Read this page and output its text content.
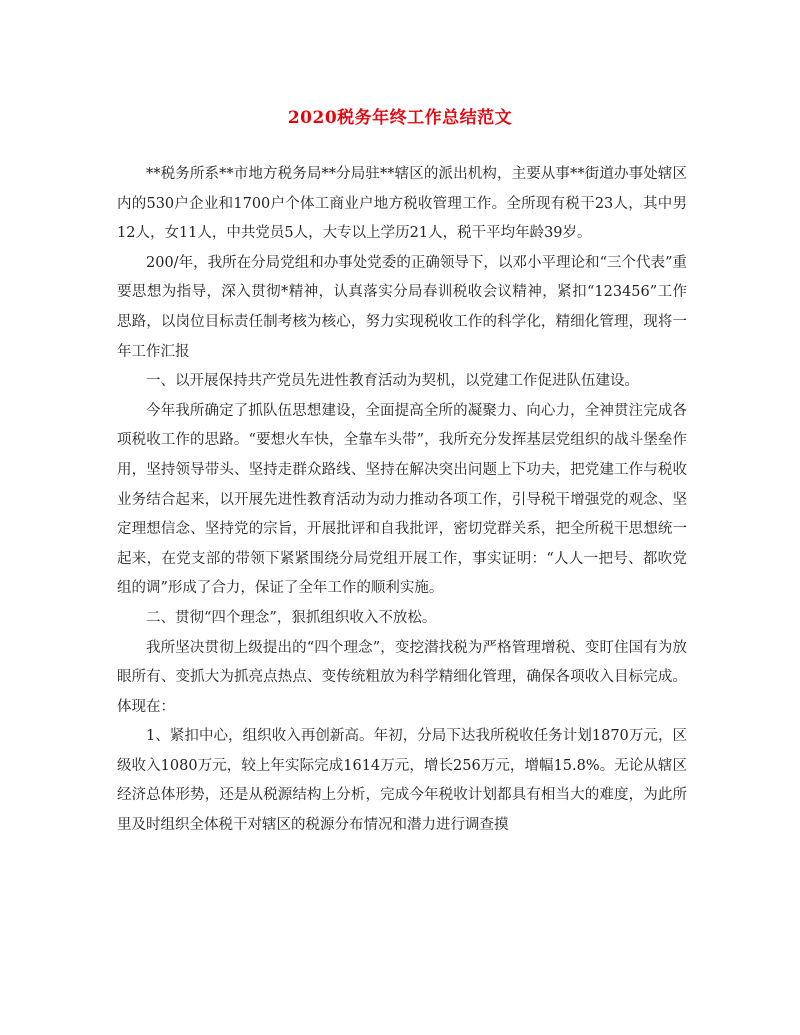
2020税务年终工作总结范文

**税务所系**市地方税务局**分局驻**辖区的派出机构，主要从事**街道办事处辖区内的530户企业和1700户个体工商业户地方税收管理工作。全所现有税干23人，其中男12人，女11人，中共党员5人，大专以上学历21人，税干平均年龄39岁。

200/年，我所在分局党组和办事处党委的正确领导下，以邓小平理论和“三个代表”重要思想为指导，深入贯彻*精神，认真落实分局春训税收会议精神，紧扣“123456”工作思路，以岗位目标责任制考核为核心，努力实现税收工作的科学化，精细化管理，现将一年工作汇报

一、以开展保持共产党员先进性教育活动为契机，以党建工作促进队伍建设。

今年我所确定了抓队伍思想建设，全面提高全所的凝聚力、向心力，全神贯注完成各项税收工作的思路。“要想火车快，全靠车头带”，我所充分发挥基层党组织的战斗堡垒作用，坚持领导带头、坚持走群众路线、坚持在解决突出问题上下功夫，把党建工作与税收业务结合起来，以开展先进性教育活动为动力推动各项工作，引导税干增强党的观念、坚定理想信念、坚持党的宗旨，开展批评和自我批评，密切党群关系，把全所税干思想统一起来，在党支部的带领下紧紧围绕分局党组开展工作，事实证明：“人人一把号、都吹党组的调”形成了合力，保证了全年工作的顺利实施。

二、贯彻“四个理念”，狠抓组织收入不放松。

我所坚决贯彻上级提出的“四个理念”，变挖潜找税为严格管理增税、变盯住国有为放眼所有、变抓大为抓亮点热点、变传统粗放为科学精细化管理，确保各项收入目标完成。体现在：

1、紧扣中心，组织收入再创新高。年初，分局下达我所税收任务计划1870万元，区级收入1080万元，较上年实际完成1614万元，增长256万元，增幅15.8%。无论从辖区经济总体形势，还是从税源结构上分析，完成今年税收计划都具有相当大的难度，为此所里及时组织全体税干对辖区的税源分布情况和潜力进行调查摸
